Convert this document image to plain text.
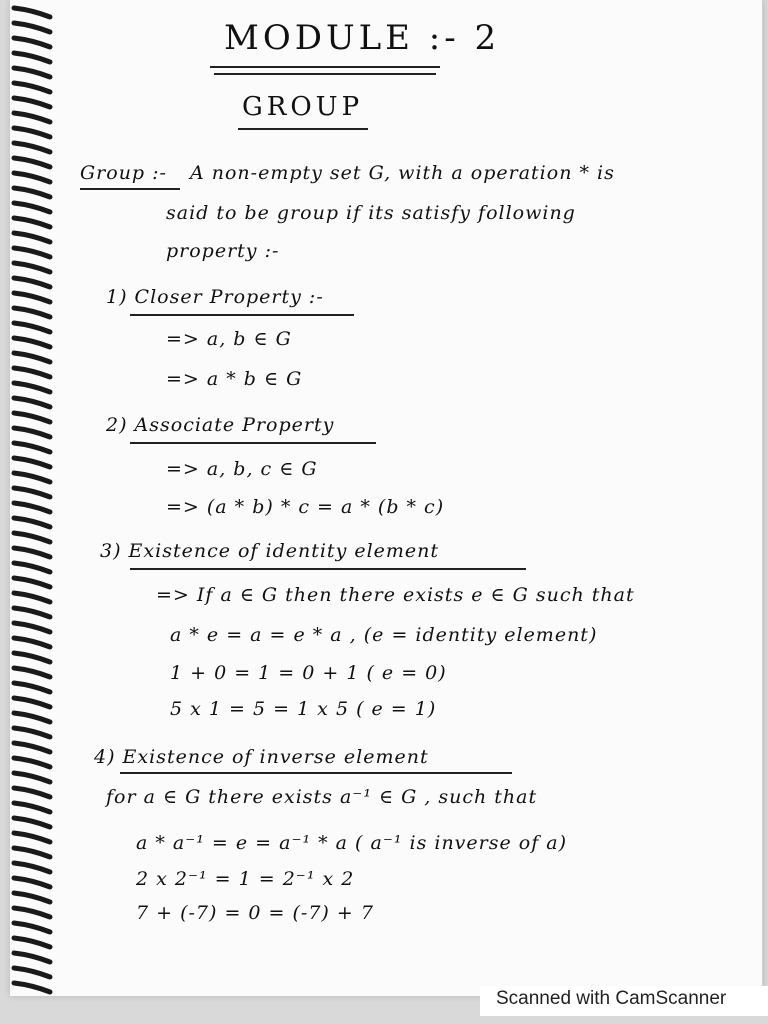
MODULE :- 2
GROUP
Group :- A non-empty set G, with a operation * is
said to be group if its satisfy following
property :-
1) Closer Property :-
=> a, b ∈ G
=> a * b ∈ G
2) Associate Property
=> a, b, c ∈ G
=> (a * b) * c = a * (b * c)
3) Existence of identity element
=> If a ∈ G then there exists e ∈ G such that
a * e = a = e * a , (e = identity element)
1 + 0 = 1 = 0 + 1 ( e = 0)
5 x 1 = 5 = 1 x 5 ( e = 1)
4) Existence of inverse element
for a ∈ G there exists a⁻¹ ∈ G , such that
a * a⁻¹ = e = a⁻¹ * a ( a⁻¹ is inverse of a)
2 x 2⁻¹ = 1 = 2⁻¹ x 2
7 + (-7) = 0 = (-7) + 7
Scanned with CamScanner
